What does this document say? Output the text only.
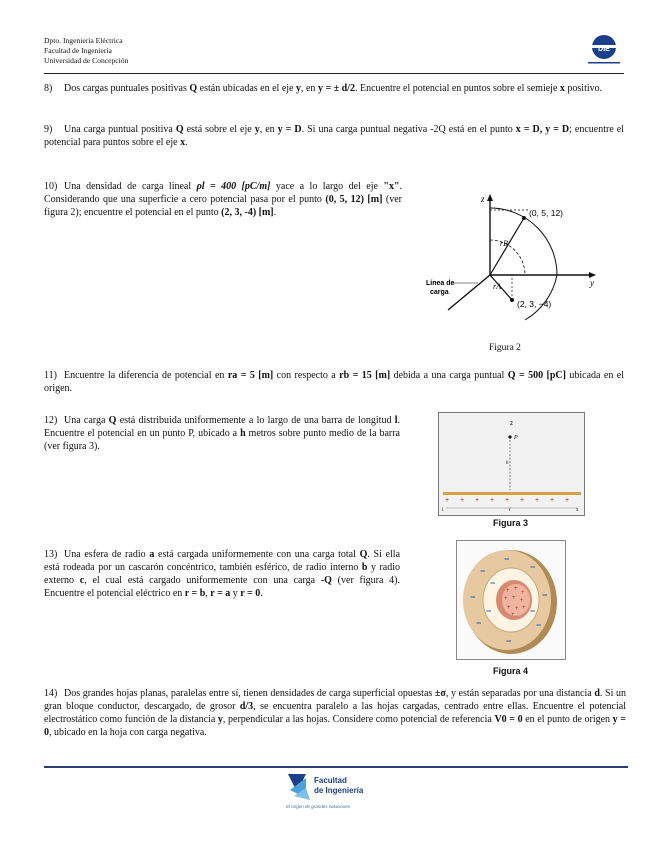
Dpto. Ingeniería Eléctrica
Facultad de Ingeniería
Universidad de Concepción
DIE
8) Dos cargas puntuales positivas Q están ubicadas en el eje y, en y = ± d/2. Encuentre el potencial en puntos sobre el semieje x positivo.
9) Una carga puntual positiva Q está sobre el eje y, en y = D. Si una carga puntual negativa -2Q está en el punto x = D, y = D; encuentre el potencial para puntos sobre el eje x.
10) Una densidad de carga lineal ρl = 400 [pC/m] yace a lo largo del eje "x". Considerando que una superficie a cero potencial pasa por el punto (0, 5, 12) [m] (ver figura 2); encuentre el potencial en el punto (2, 3, -4) [m].
z
y
(0, 5, 12)
(2, 3, −4)
rB
rA
Línea de
carga
Figura 2
11) Encuentre la diferencia de potencial en ra = 5 [m] con respecto a rb = 15 [m] debida a una carga puntual Q = 500 [pC] ubicada en el origen.
12) Una carga Q está distribuida uniformemente a lo largo de una barra de longitud l. Encuentre el potencial en un punto P, ubicado a h metros sobre punto medio de la barra (ver figura 3).
z
P
h
+ + + + + + + + +
l	l	x
Figura 3
13) Una esfera de radio a está cargada uniformemente con una carga total Q. Si ella está rodeada por un cascarón concéntrico, también esférico, de radio interno b y radio externo c, el cual está cargado uniformemente con una carga -Q (ver figura 4). Encuentre el potencial eléctrico en r = b, r = a y r = 0.	+ +
+
+ + +
+ + +
+
−
−	−
−	−
−	−
−
−
−
−
Figura 4
14) Dos grandes hojas planas, paralelas entre sí, tienen densidades de carga superficial opuestas ±σ, y están separadas por una distancia d. Si un gran bloque conductor, descargado, de grosor d/3, se encuentra paralelo a las hojas cargadas, centrado entre ellas. Encuentre el potencial electrostático como función de la distancia y, perpendicular a las hojas. Considere como potencial de referencia V0 = 0 en el punto de origen y = 0, ubicado en la hoja con carga negativa.
Facultad
de Ingeniería
El origen de grandes soluciones
